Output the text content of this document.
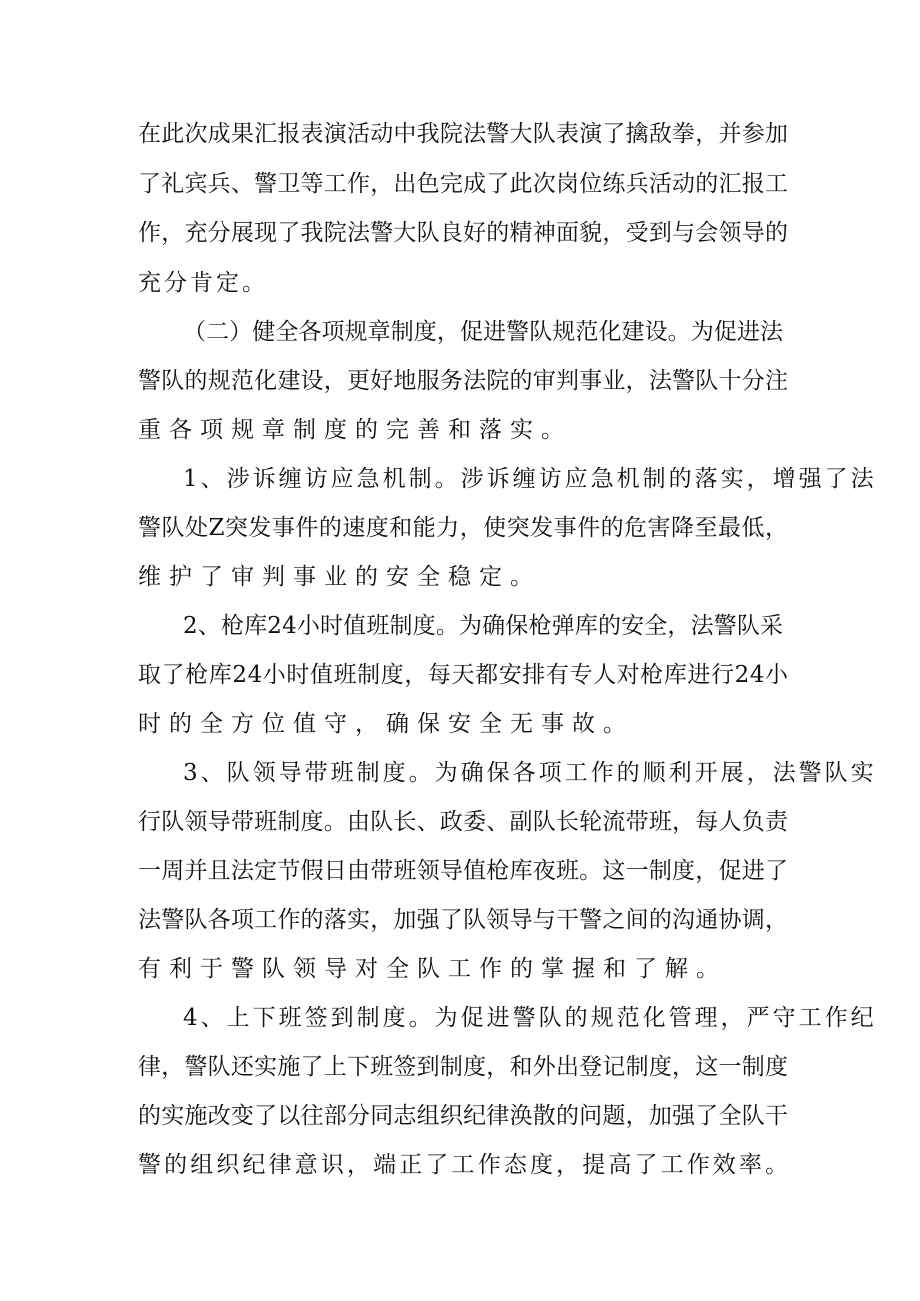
在此次成果汇报表演活动中我院法警大队表演了擒敌拳，并参加

了礼宾兵、警卫等工作，出色完成了此次岗位练兵活动的汇报工

作，充分展现了我院法警大队良好的精神面貌，受到与会领导的

充分肯定。

（二）健全各项规章制度，促进警队规范化建设。为促进法

警队的规范化建设，更好地服务法院的审判事业，法警队十分注

重各项规章制度的完善和落实。

1、涉诉缠访应急机制。涉诉缠访应急机制的落实，增强了法

警队处Z突发事件的速度和能力，使突发事件的危害降至最低，

维护了审判事业的安全稳定。

2、枪库24小时值班制度。为确保枪弹库的安全，法警队采

取了枪库24小时值班制度，每天都安排有专人对枪库进行24小

时的全方位值守，确保安全无事故。

3、队领导带班制度。为确保各项工作的顺利开展，法警队实

行队领导带班制度。由队长、政委、副队长轮流带班，每人负责

一周并且法定节假日由带班领导值枪库夜班。这一制度，促进了

法警队各项工作的落实，加强了队领导与干警之间的沟通协调，

有利于警队领导对全队工作的掌握和了解。

4、上下班签到制度。为促进警队的规范化管理，严守工作纪

律，警队还实施了上下班签到制度，和外出登记制度，这一制度

的实施改变了以往部分同志组织纪律涣散的问题，加强了全队干

警的组织纪律意识，端正了工作态度，提高了工作效率。
